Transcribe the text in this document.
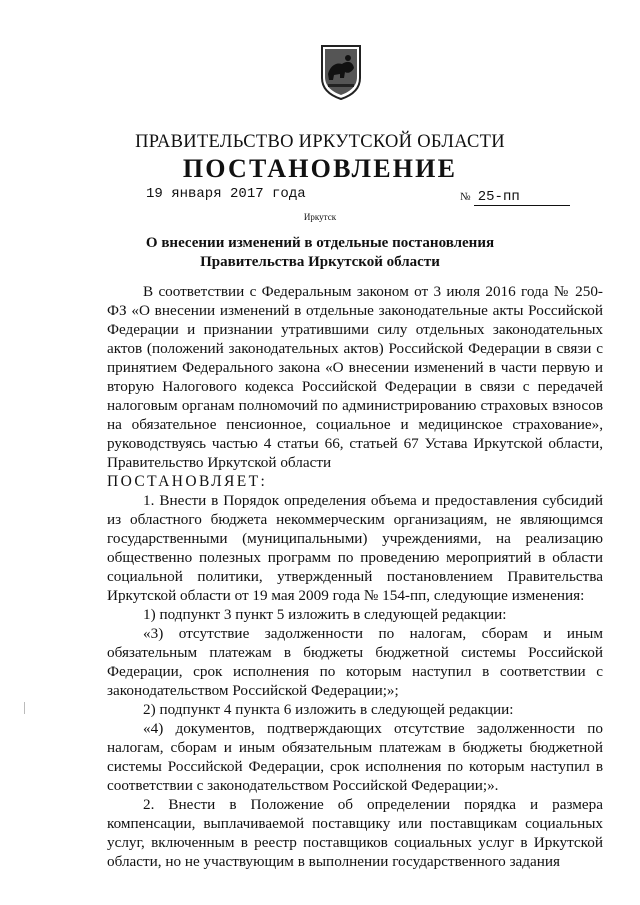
ПРАВИТЕЛЬСТВО ИРКУТСКОЙ ОБЛАСТИ
ПОСТАНОВЛЕНИЕ
19 января 2017 года	№ 25-пп
Иркутск
О внесении изменений в отдельные постановления Правительства Иркутской области

В соответствии с Федеральным законом от 3 июля 2016 года № 250-ФЗ «О внесении изменений в отдельные законодательные акты Российской Федерации и признании утратившими силу отдельных законодательных актов (положений законодательных актов) Российской Федерации в связи с принятием Федерального закона «О внесении изменений в части первую и вторую Налогового кодекса Российской Федерации в связи с передачей налоговым органам полномочий по администрированию страховых взносов на обязательное пенсионное, социальное и медицинское страхование», руководствуясь частью 4 статьи 66, статьей 67 Устава Иркутской области, Правительство Иркутской области

ПОСТАНОВЛЯЕТ:

1. Внести в Порядок определения объема и предоставления субсидий из областного бюджета некоммерческим организациям, не являющимся государственными (муниципальными) учреждениями, на реализацию общественно полезных программ по проведению мероприятий в области социальной политики, утвержденный постановлением Правительства Иркутской области от 19 мая 2009 года № 154-пп, следующие изменения:

1) подпункт 3 пункт 5 изложить в следующей редакции:

«3) отсутствие задолженности по налогам, сборам и иным обязательным платежам в бюджеты бюджетной системы Российской Федерации, срок исполнения по которым наступил в соответствии с законодательством Российской Федерации;»;

2) подпункт 4 пункта 6 изложить в следующей редакции:

«4) документов, подтверждающих отсутствие задолженности по налогам, сборам и иным обязательным платежам в бюджеты бюджетной системы Российской Федерации, срок исполнения по которым наступил в соответствии с законодательством Российской Федерации;».

2. Внести в Положение об определении порядка и размера компенсации, выплачиваемой поставщику или поставщикам социальных услуг, включенным в реестр поставщиков социальных услуг в Иркутской области, но не участвующим в выполнении государственного задания
